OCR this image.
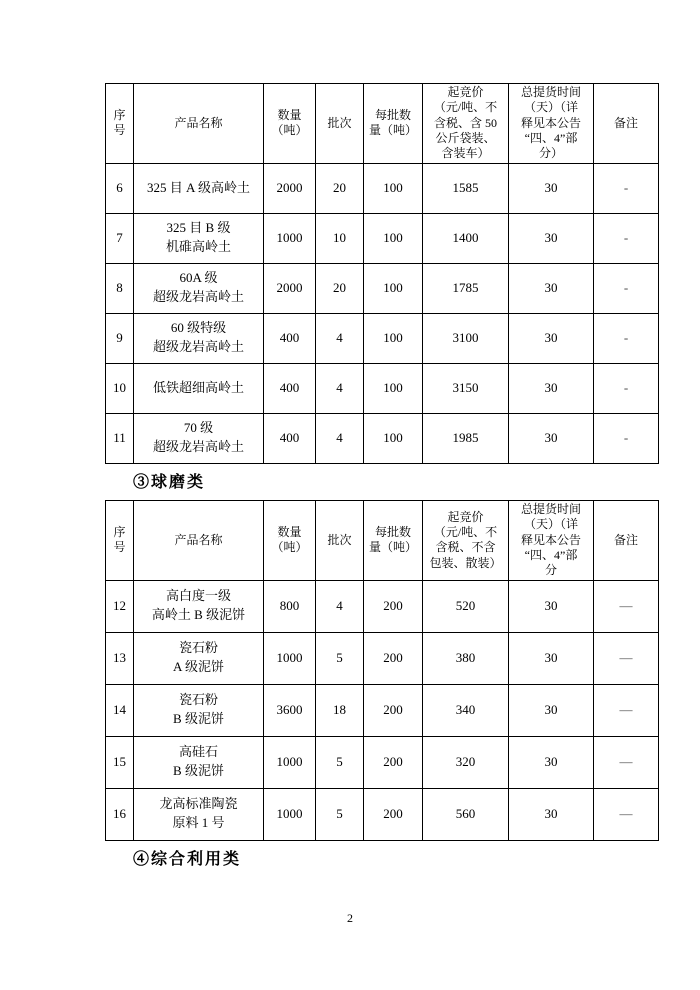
序
号	产品名称	数量
（吨）	批次	每批数
量（吨）	起竞价
（元/吨、不
含税、含 50
公斤袋装、
含装车）	总提货时间
（天）（详
释见本公告
“四、4”部
分）	备注
6	325 目 A 级高岭土	2000	20	100	1585	30	-
7	325 目 B 级
机碓高岭土	1000	10	100	1400	30	-
8	60A 级
超级龙岩高岭土	2000	20	100	1785	30	-
9	60 级特级
超级龙岩高岭土	400	4	100	3100	30	-
10	低铁超细高岭土	400	4	100	3150	30	-
11	70 级
超级龙岩高岭土	400	4	100	1985	30	-
③球磨类
序
号	产品名称	数量
（吨）	批次	每批数
量（吨）	起竞价
（元/吨、不
含税、不含
包装、散装）	总提货时间
（天）（详
释见本公告
“四、4”部
分	备注
12	高白度一级
高岭土 B 级泥饼	800	4	200	520	30	—
13	瓷石粉
A 级泥饼	1000	5	200	380	30	—
14	瓷石粉
B 级泥饼	3600	18	200	340	30	—
15	高硅石
B 级泥饼	1000	5	200	320	30	—
16	龙高标准陶瓷
原料 1 号	1000	5	200	560	30	—
④综合利用类
2
